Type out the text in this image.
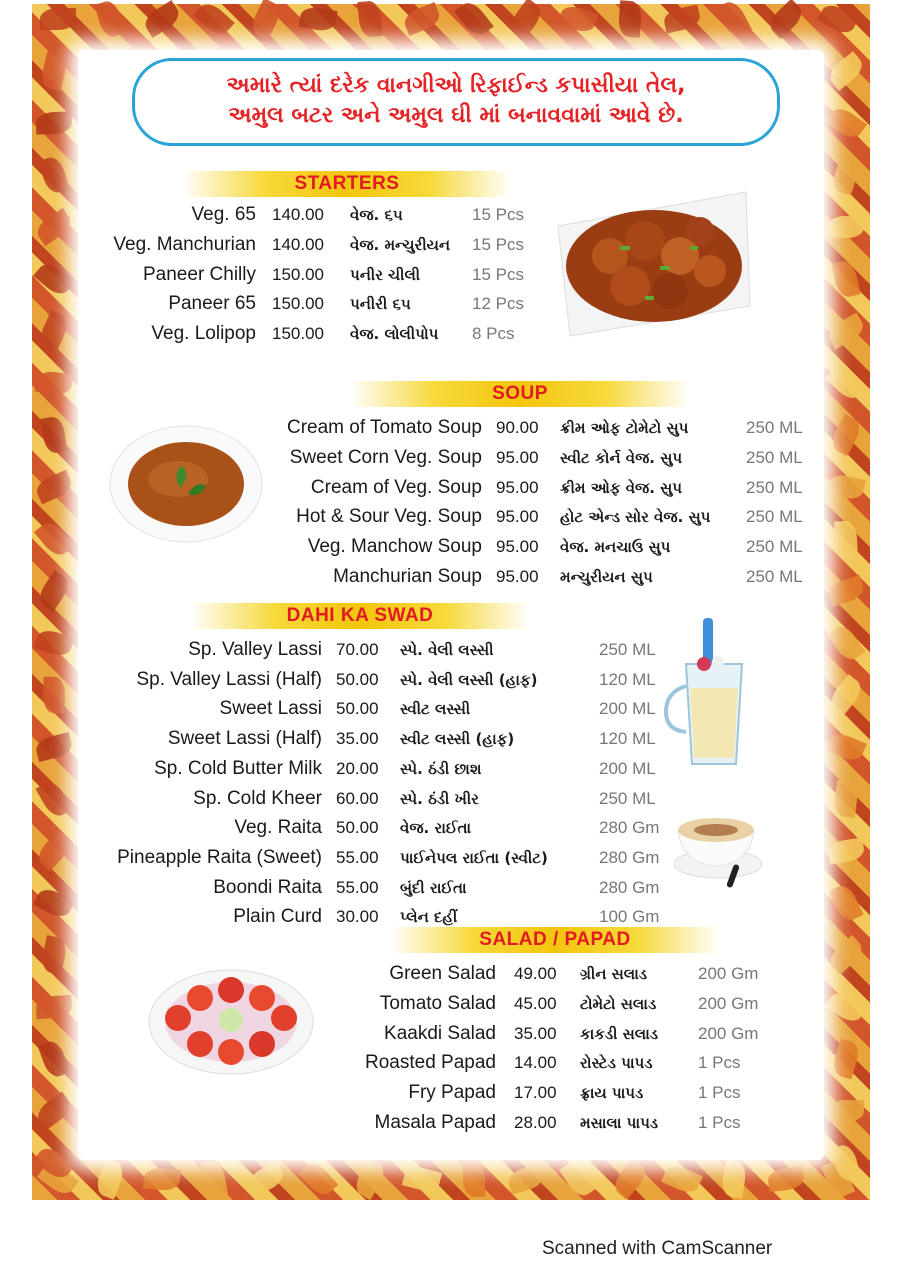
અમારે ત્યાં દરેક વાનગીઓ રિફાઈન્ડ કપાસીયા તેલ,
અમુલ બટર અને અમુલ ઘી માં બનાવવામાં આવે છે.
STARTERS
SOUP
DAHI KA SWAD
SALAD / PAPAD
Veg. 65 140.00 વેજ. ૬૫	15 Pcs
Veg. Manchurian 140.00 વેજ. મન્ચુરીયન 15 Pcs
Paneer Chilly 150.00 પનીર ચીલી	15 Pcs
Paneer 65 150.00 પનીરી ૬૫	12 Pcs
Veg. Lolipop 150.00 વેજ. લોલીપોપ 8 Pcs
Cream of Tomato Soup 90.00 ક્રીમ ઓફ ટોમેટો સુપ	250 ML
Sweet Corn Veg. Soup 95.00 સ્વીટ કોર્ન વેજ. સુપ	250 ML
Cream of Veg. Soup 95.00 ક્રીમ ઓફ વેજ. સુપ	250 ML
Hot & Sour Veg. Soup 95.00 હોટ એન્ડ સોર વેજ. સુપ 250 ML
Veg. Manchow Soup 95.00 વેજ. મનચાઉ સુપ	250 ML
Manchurian Soup 95.00 મન્ચુરીયન સુપ	250 ML
Sp. Valley Lassi 70.00 સ્પે. વેલી લસ્સી	250 ML
Sp. Valley Lassi (Half) 50.00 સ્પે. વેલી લસ્સી (હાફ)	120 ML
Sweet Lassi 50.00 સ્વીટ લસ્સી	200 ML
Sweet Lassi (Half) 35.00 સ્વીટ લસ્સી (હાફ)	120 ML
Sp. Cold Butter Milk 20.00 સ્પે. ઠંડી છાશ	200 ML
Sp. Cold Kheer 60.00 સ્પે. ઠંડી ખીર	250 ML
Veg. Raita 50.00 વેજ. રાઈતા	280 Gm
Pineapple Raita (Sweet) 55.00 પાઈનેપલ રાઈતા (સ્વીટ)	280 Gm
Boondi Raita 55.00 બુંદી રાઈતા	280 Gm
Plain Curd 30.00 પ્લેન દહીં	100 Gm
Green Salad 49.00 ગ્રીન સલાડ	200 Gm
Tomato Salad 45.00 ટોમેટો સલાડ 200 Gm
Kaakdi Salad 35.00 કાકડી સલાડ 200 Gm
Roasted Papad 14.00 રોસ્ટેડ પાપડ	1 Pcs
Fry Papad 17.00 ફ્રાય પાપડ	1 Pcs
Masala Papad 28.00 મસાલા પાપડ 1 Pcs
Scanned with CamScanner
